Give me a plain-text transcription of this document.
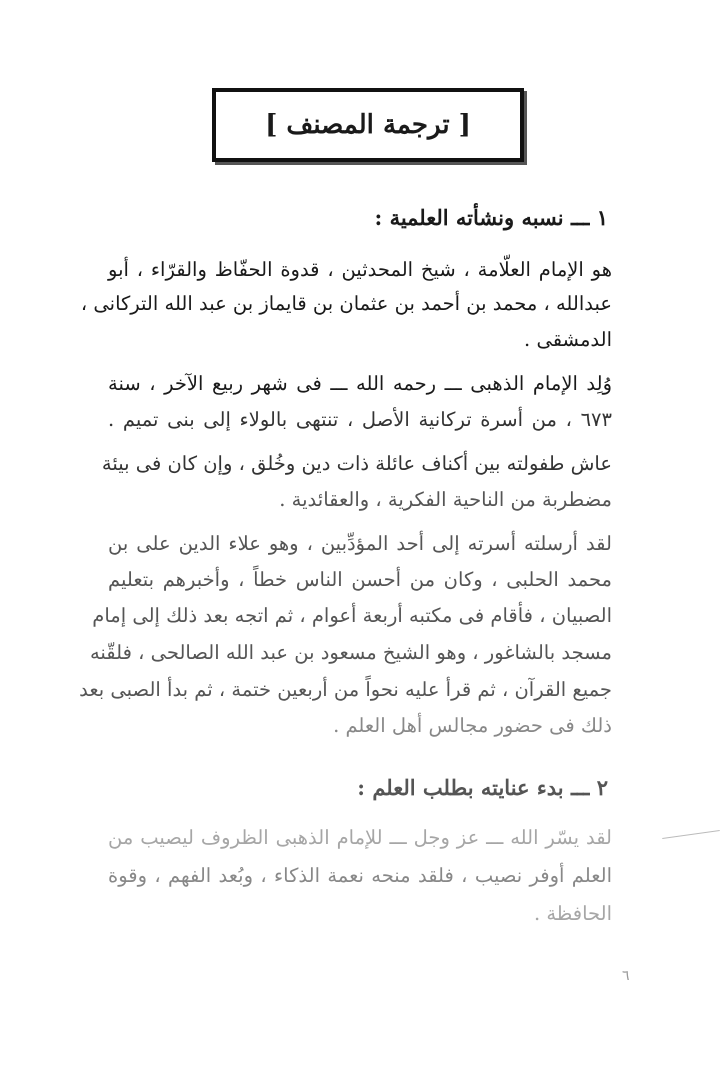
[ ترجمة المصنف ]
١ ـــ نسبه ونشأته العلمية :
هو الإمام العلّامة ، شيخ المحدثين ، قدوة الحفّاظ والقرّاء ، أبو
عبدالله ، محمد بن أحمد بن عثمان بن قايماز بن عبد الله التركانى ،
الدمشقى .
وُلِد الإمام الذهبى ـــ رحمه الله ـــ فى شهر ربيع الآخر ، سنة
٦٧٣ ، من أسرة تركانية الأصل ، تنتهى بالولاء إلى بنى تميم .
عاش طفولته بين أكناف عائلة ذات دين وخُلق ، وإن كان فى بيئة
مضطربة من الناحية الفكرية ، والعقائدية .
لقد أرسلته أسرته إلى أحد المؤدِّبين ، وهو علاء الدين على بن
محمد الحلبى ، وكان من أحسن الناس خطاً ، وأخبرهم بتعليم
الصبيان ، فأقام فى مكتبه أربعة أعوام ، ثم اتجه بعد ذلك إلى إمام
مسجد بالشاغور ، وهو الشيخ مسعود بن عبد الله الصالحى ، فلقّنه
جميع القرآن ، ثم قرأ عليه نحواً من أربعين ختمة ، ثم بدأ الصبى بعد
ذلك فى حضور مجالس أهل العلم .
٢ ـــ بدء عنايته بطلب العلم :
لقد يسّر الله ـــ عز وجل ـــ للإمام الذهبى الظروف ليصيب من
العلم أوفر نصيب ، فلقد منحه نعمة الذكاء ، وبُعد الفهم ، وقوة
الحافظة .
٦
